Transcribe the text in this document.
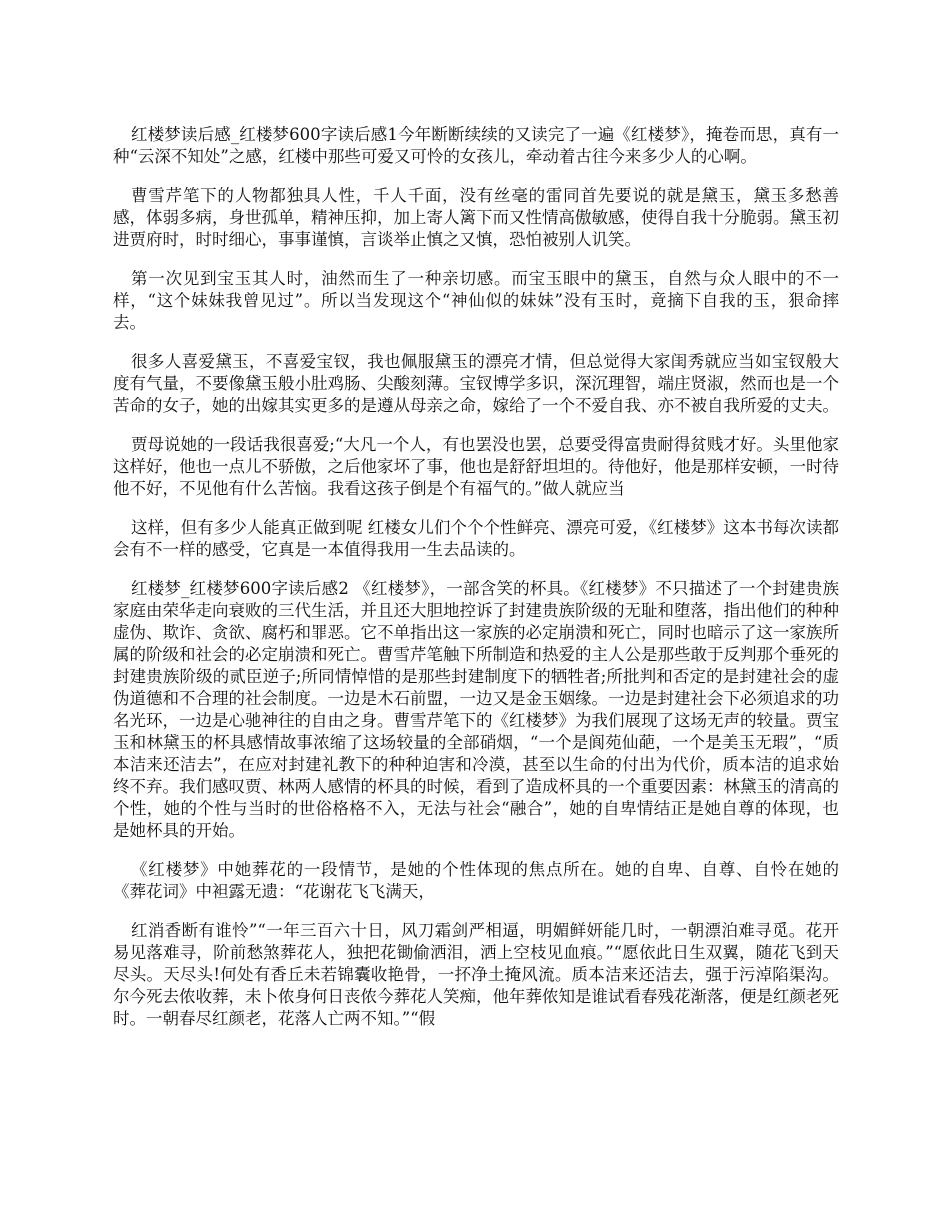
红楼梦读后感_红楼梦600字读后感1今年断断续续的又读完了一遍《红楼梦》，掩卷而思，真有一种“云深不知处”之感，红楼中那些可爱又可怜的女孩儿，牵动着古往今来多少人的心啊。

曹雪芹笔下的人物都独具人性，千人千面，没有丝毫的雷同首先要说的就是黛玉，黛玉多愁善感，体弱多病，身世孤单，精神压抑，加上寄人篱下而又性情高傲敏感，使得自我十分脆弱。黛玉初进贾府时，时时细心，事事谨慎，言谈举止慎之又慎，恐怕被别人讥笑。

第一次见到宝玉其人时，油然而生了一种亲切感。而宝玉眼中的黛玉，自然与众人眼中的不一样，“这个妹妹我曾见过”。所以当发现这个“神仙似的妹妹”没有玉时，竟摘下自我的玉，狠命摔去。

很多人喜爱黛玉，不喜爱宝钗，我也佩服黛玉的漂亮才情，但总觉得大家闺秀就应当如宝钗般大度有气量，不要像黛玉般小肚鸡肠、尖酸刻薄。宝钗博学多识，深沉理智，端庄贤淑，然而也是一个苦命的女子，她的出嫁其实更多的是遵从母亲之命，嫁给了一个不爱自我、亦不被自我所爱的丈夫。

贾母说她的一段话我很喜爱;“大凡一个人，有也罢没也罢，总要受得富贵耐得贫贱才好。头里他家这样好，他也一点儿不骄傲，之后他家坏了事，他也是舒舒坦坦的。待他好，他是那样安顿，一时待他不好，不见他有什么苦恼。我看这孩子倒是个有福气的。”做人就应当

这样，但有多少人能真正做到呢 红楼女儿们个个个性鲜亮、漂亮可爱，《红楼梦》这本书每次读都会有不一样的感受，它真是一本值得我用一生去品读的。

红楼梦_红楼梦600字读后感2 《红楼梦》，一部含笑的杯具。《红楼梦》不只描述了一个封建贵族家庭由荣华走向衰败的三代生活，并且还大胆地控诉了封建贵族阶级的无耻和堕落，指出他们的种种虚伪、欺诈、贪欲、腐朽和罪恶。它不单指出这一家族的必定崩溃和死亡，同时也暗示了这一家族所属的阶级和社会的必定崩溃和死亡。曹雪芹笔触下所制造和热爱的主人公是那些敢于反判那个垂死的封建贵族阶级的贰臣逆子;所同情悼惜的是那些封建制度下的牺牲者;所批判和否定的是封建社会的虚伪道德和不合理的社会制度。一边是木石前盟，一边又是金玉姻缘。一边是封建社会下必须追求的功名光环，一边是心驰神往的自由之身。曹雪芹笔下的《红楼梦》为我们展现了这场无声的较量。贾宝玉和林黛玉的杯具感情故事浓缩了这场较量的全部硝烟，“一个是阆苑仙葩，一个是美玉无瑕”，“质本洁来还洁去”，在应对封建礼教下的种种迫害和冷漠，甚至以生命的付出为代价，质本洁的追求始终不弃。我们感叹贾、林两人感情的杯具的时候，看到了造成杯具的一个重要因素：林黛玉的清高的个性，她的个性与当时的世俗格格不入，无法与社会“融合”，她的自卑情结正是她自尊的体现，也是她杯具的开始。

《红楼梦》中她葬花的一段情节，是她的个性体现的焦点所在。她的自卑、自尊、自怜在她的《葬花词》中袒露无遗：“花谢花飞飞满天，

红消香断有谁怜”“一年三百六十日，风刀霜剑严相逼，明媚鲜妍能几时，一朝漂泊难寻觅。花开易见落难寻，阶前愁煞葬花人，独把花锄偷洒泪，洒上空枝见血痕。”“愿依此日生双翼，随花飞到天尽头。天尽头!何处有香丘未若锦囊收艳骨，一抔净土掩风流。质本洁来还洁去，强于污淖陷渠沟。尔今死去侬收葬，未卜侬身何日丧侬今葬花人笑痴，他年葬侬知是谁试看春残花渐落，便是红颜老死时。一朝春尽红颜老，花落人亡两不知。”“假
